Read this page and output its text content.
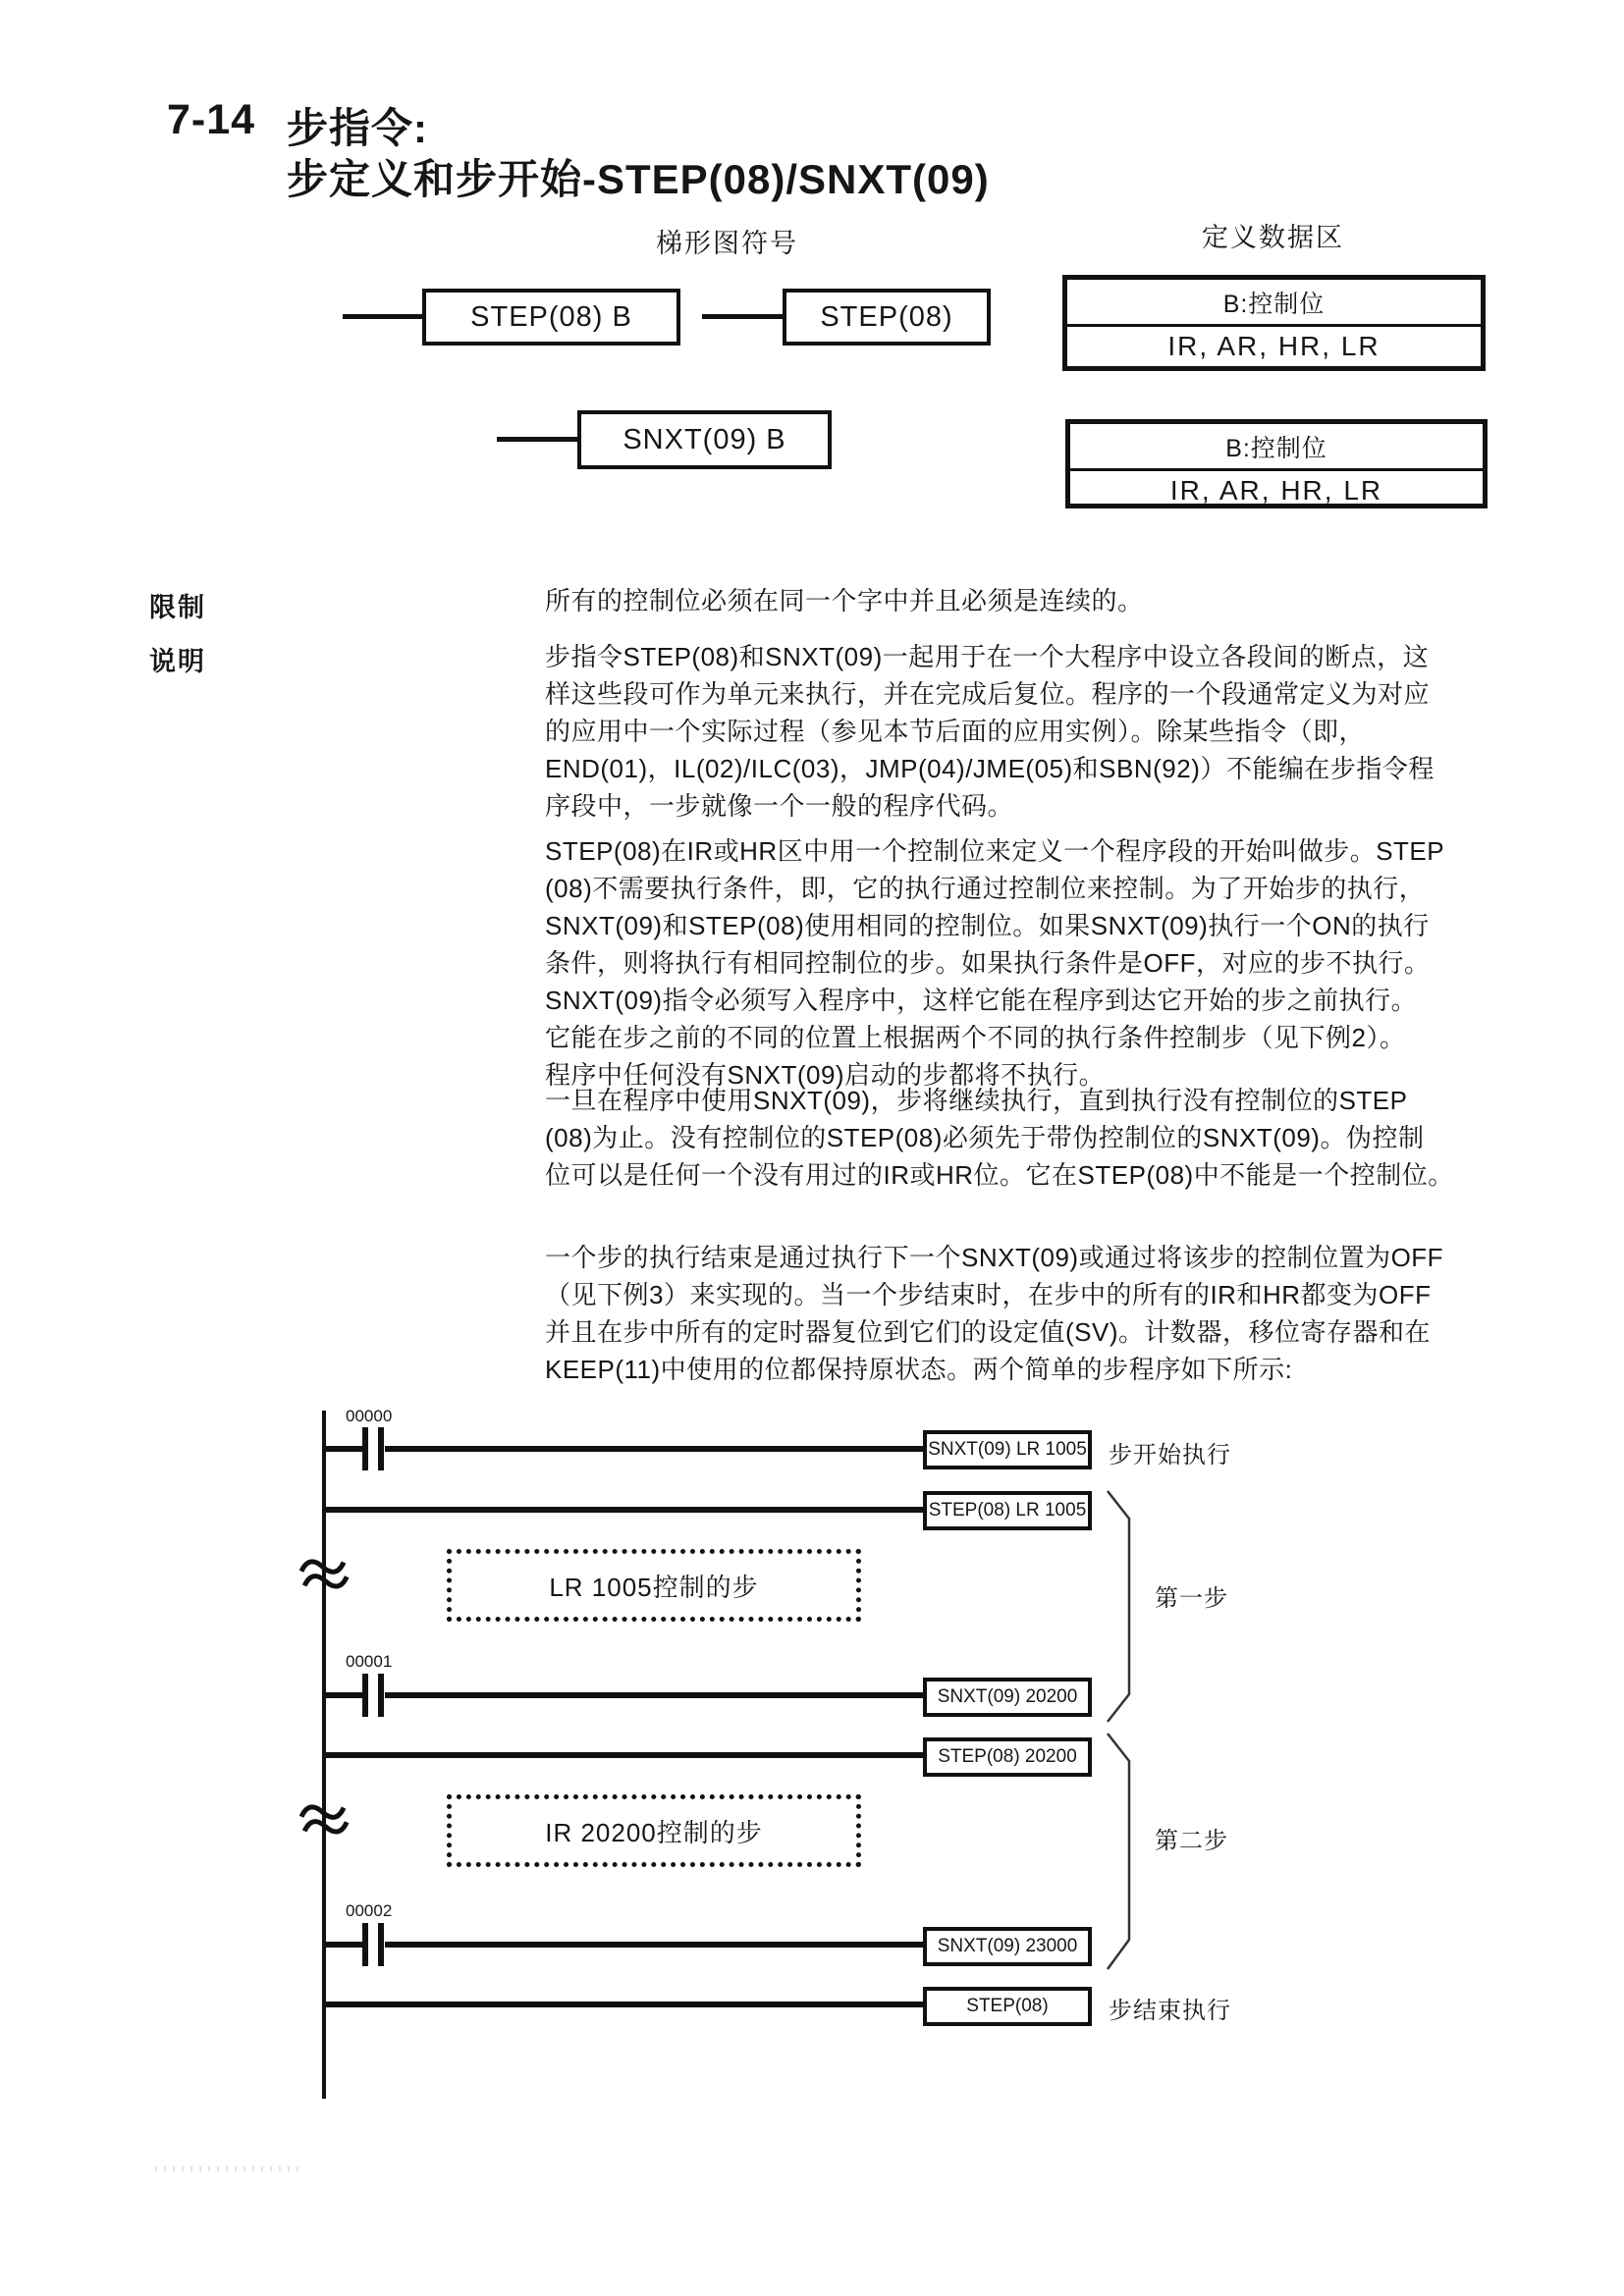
7-14 步指令:
步定义和步开始-STEP(08)/SNXT(09)
梯形图符号	定义数据区
STEP(08) B	STEP(08)
SNXT(09) B
B:控制位
IR, AR, HR, LR
B:控制位
IR, AR, HR, LR
限制	所有的控制位必须在同一个字中并且必须是连续的。
说明	步指令STEP(08)和SNXT(09)一起用于在一个大程序中设立各段间的断点，这
样这些段可作为单元来执行，并在完成后复位。程序的一个段通常定义为对应
的应用中一个实际过程（参见本节后面的应用实例）。除某些指令（即，
END(01)，IL(02)/ILC(03)，JMP(04)/JME(05)和SBN(92)）不能编在步指令程
序段中，一步就像一个一般的程序代码。
STEP(08)在IR或HR区中用一个控制位来定义一个程序段的开始叫做步。STEP
(08)不需要执行条件，即，它的执行通过控制位来控制。为了开始步的执行，
SNXT(09)和STEP(08)使用相同的控制位。如果SNXT(09)执行一个ON的执行
条件，则将执行有相同控制位的步。如果执行条件是OFF，对应的步不执行。
SNXT(09)指令必须写入程序中，这样它能在程序到达它开始的步之前执行。
它能在步之前的不同的位置上根据两个不同的执行条件控制步（见下例2）。
程序中任何没有SNXT(09)启动的步都将不执行。
一旦在程序中使用SNXT(09)，步将继续执行，直到执行没有控制位的STEP
(08)为止。没有控制位的STEP(08)必须先于带伪控制位的SNXT(09)。伪控制
位可以是任何一个没有用过的IR或HR位。它在STEP(08)中不能是一个控制位。
一个步的执行结束是通过执行下一个SNXT(09)或通过将该步的控制位置为OFF
（见下例3）来实现的。当一个步结束时，在步中的所有的IR和HR都变为OFF
并且在步中所有的定时器复位到它们的设定值(SV)。计数器，移位寄存器和在
KEEP(11)中使用的位都保持原状态。两个简单的步程序如下所示:
00000
00001
00002
SNXT(09) LR 1005
STEP(08) LR 1005
SNXT(09) 20200
STEP(08) 20200
SNXT(09) 23000
STEP(08)
LR 1005控制的步
IR 20200控制的步
步开始执行
第一步
第二步
步结束执行
